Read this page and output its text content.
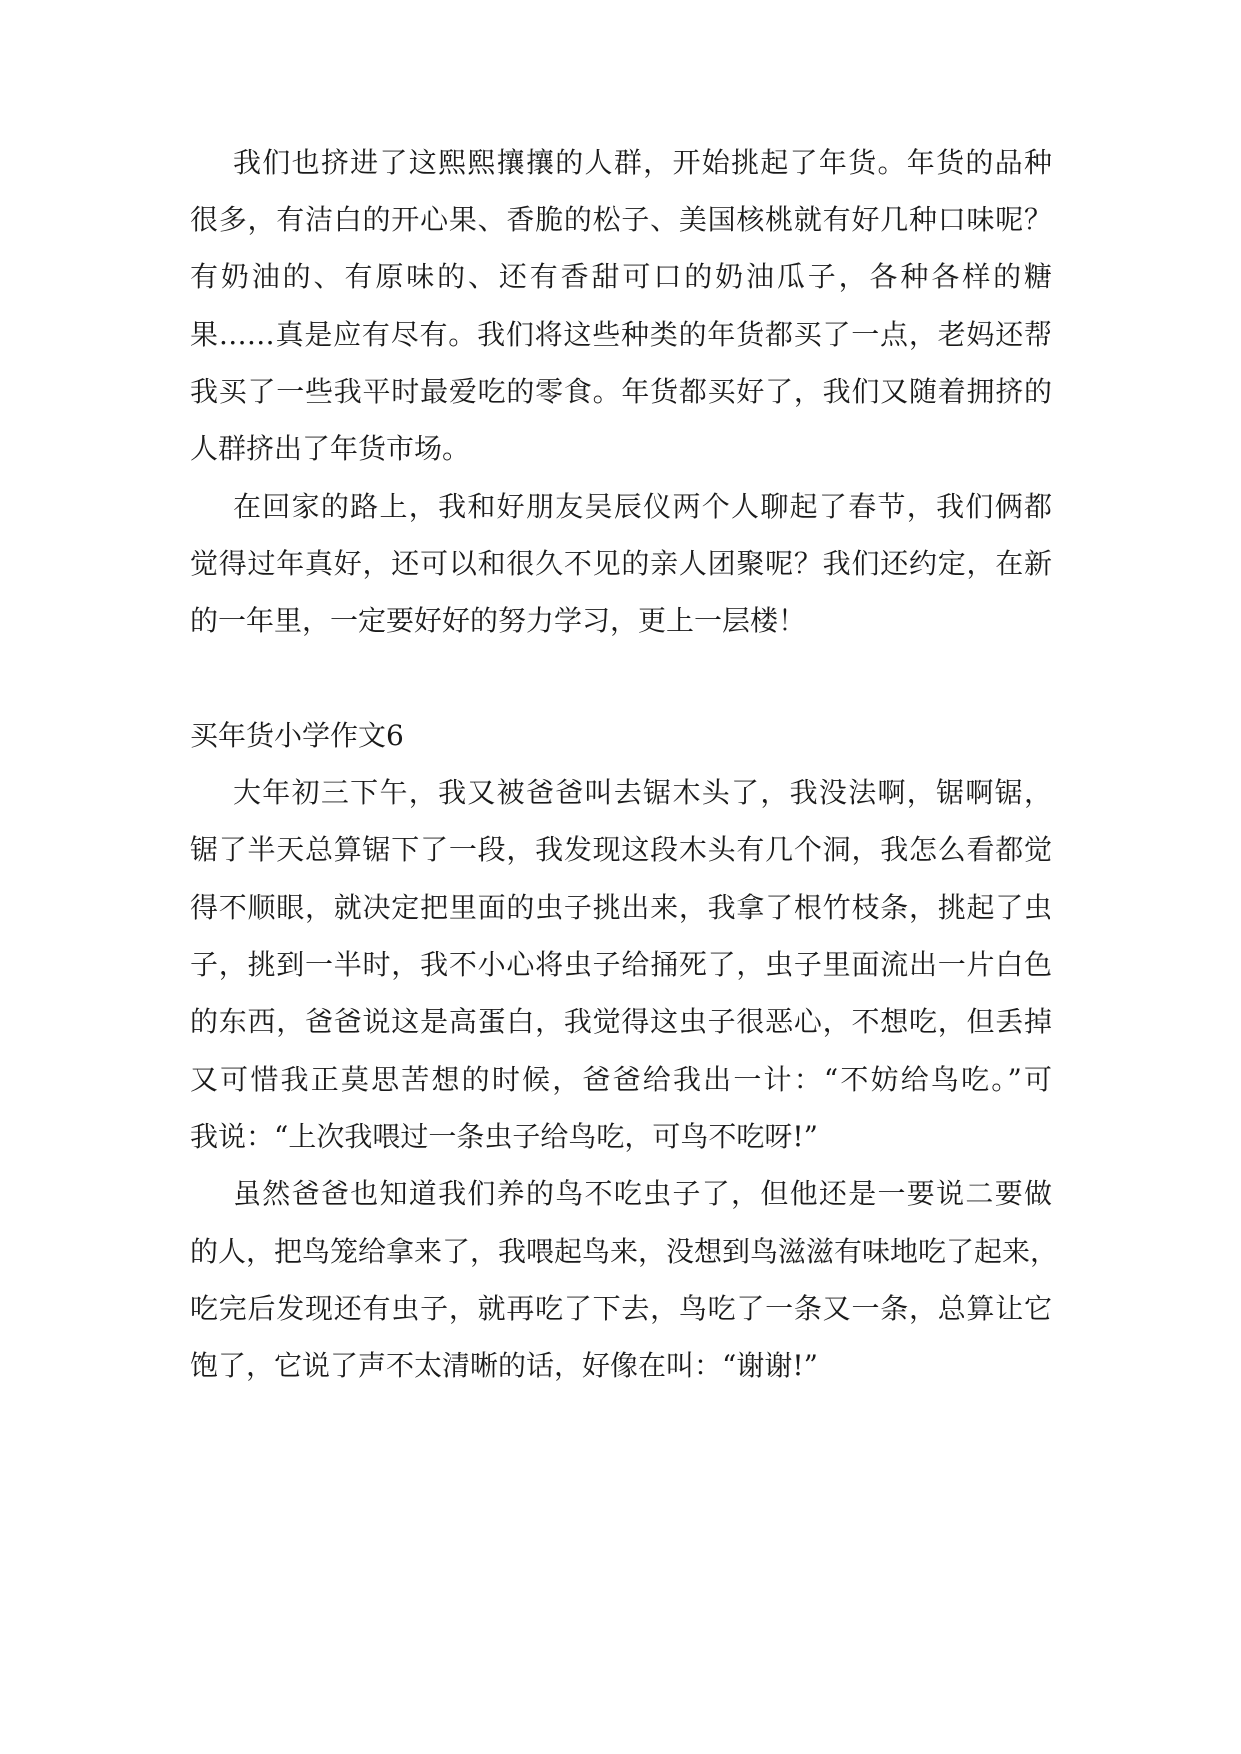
我们也挤进了这熙熙攘攘的人群，开始挑起了年货。年货的品种
很多，有洁白的开心果、香脆的松子、美国核桃就有好几种口味呢？
有奶油的、有原味的、还有香甜可口的奶油瓜子，各种各样的糖
果……真是应有尽有。我们将这些种类的年货都买了一点，老妈还帮
我买了一些我平时最爱吃的零食。年货都买好了，我们又随着拥挤的
人群挤出了年货市场。
在回家的路上，我和好朋友吴辰仪两个人聊起了春节，我们俩都
觉得过年真好，还可以和很久不见的亲人团聚呢？我们还约定，在新
的一年里，一定要好好的努力学习，更上一层楼！
买年货小学作文6
大年初三下午，我又被爸爸叫去锯木头了，我没法啊，锯啊锯，
锯了半天总算锯下了一段，我发现这段木头有几个洞，我怎么看都觉
得不顺眼，就决定把里面的虫子挑出来，我拿了根竹枝条，挑起了虫
子，挑到一半时，我不小心将虫子给捅死了，虫子里面流出一片白色
的东西，爸爸说这是高蛋白，我觉得这虫子很恶心，不想吃，但丢掉
又可惜我正莫思苦想的时候，爸爸给我出一计：“不妨给鸟吃。”可
我说：“上次我喂过一条虫子给鸟吃，可鸟不吃呀!”
虽然爸爸也知道我们养的鸟不吃虫子了，但他还是一要说二要做
的人，把鸟笼给拿来了，我喂起鸟来，没想到鸟滋滋有味地吃了起来，
吃完后发现还有虫子，就再吃了下去，鸟吃了一条又一条，总算让它
饱了，它说了声不太清晰的话，好像在叫：“谢谢!”
